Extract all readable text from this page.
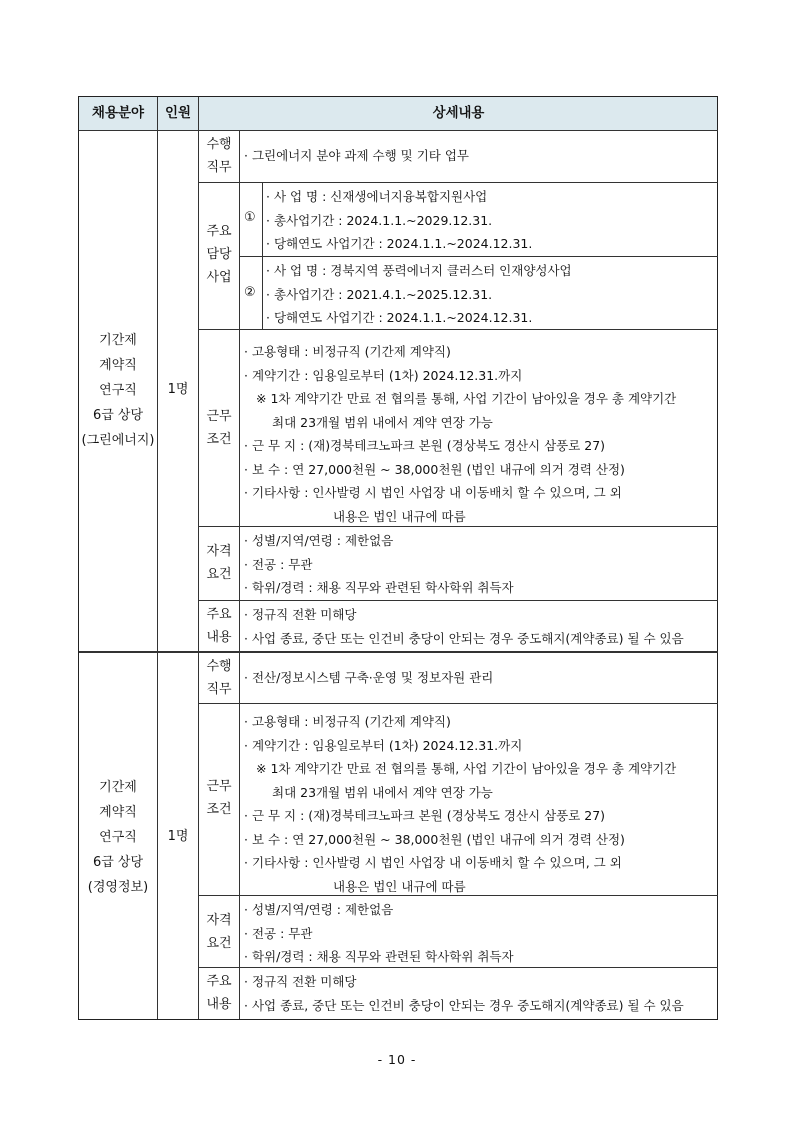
채용분야	인원	상세내용
기간제
계약직
연구직
6급 상당
(그린에너지)
1명
수행
직무
· 그린에너지 분야 과제 수행 및 기타 업무
주요
담당
사업
①
· 사 업 명 : 신재생에너지융복합지원사업
· 총사업기간 : 2024.1.1.~2029.12.31.
· 당해연도 사업기간 : 2024.1.1.~2024.12.31.
②
· 사 업 명 : 경북지역 풍력에너지 클러스터 인재양성사업
· 총사업기간 : 2021.4.1.~2025.12.31.
· 당해연도 사업기간 : 2024.1.1.~2024.12.31.
근무
조건
· 고용형태 : 비정규직 (기간제 계약직)
· 계약기간 : 임용일로부터 (1차) 2024.12.31.까지
※ 1차 계약기간 만료 전 협의를 통해, 사업 기간이 남아있을 경우 총 계약기간
최대 23개월 범위 내에서 계약 연장 가능
· 근 무 지 : (재)경북테크노파크 본원 (경상북도 경산시 삼풍로 27)
· 보 수 : 연 27,000천원 ~ 38,000천원 (법인 내규에 의거 경력 산정)
· 기타사항 : 인사발령 시 법인 사업장 내 이동배치 할 수 있으며, 그 외
내용은 법인 내규에 따름
자격
요건
· 성별/지역/연령 : 제한없음
· 전공 : 무관
· 학위/경력 : 채용 직무와 관련된 학사학위 취득자
주요
내용
· 정규직 전환 미해당
· 사업 종료, 중단 또는 인건비 충당이 안되는 경우 중도해지(계약종료) 될 수 있음
기간제
계약직
연구직
6급 상당
(경영정보)
1명
수행
직무
· 전산/정보시스템 구축·운영 및 정보자원 관리
근무
조건
· 고용형태 : 비정규직 (기간제 계약직)
· 계약기간 : 임용일로부터 (1차) 2024.12.31.까지
※ 1차 계약기간 만료 전 협의를 통해, 사업 기간이 남아있을 경우 총 계약기간
최대 23개월 범위 내에서 계약 연장 가능
· 근 무 지 : (재)경북테크노파크 본원 (경상북도 경산시 삼풍로 27)
· 보 수 : 연 27,000천원 ~ 38,000천원 (법인 내규에 의거 경력 산정)
· 기타사항 : 인사발령 시 법인 사업장 내 이동배치 할 수 있으며, 그 외
내용은 법인 내규에 따름
자격
요건
· 성별/지역/연령 : 제한없음
· 전공 : 무관
· 학위/경력 : 채용 직무와 관련된 학사학위 취득자
주요
내용
· 정규직 전환 미해당
· 사업 종료, 중단 또는 인건비 충당이 안되는 경우 중도해지(계약종료) 될 수 있음
- 10 -
